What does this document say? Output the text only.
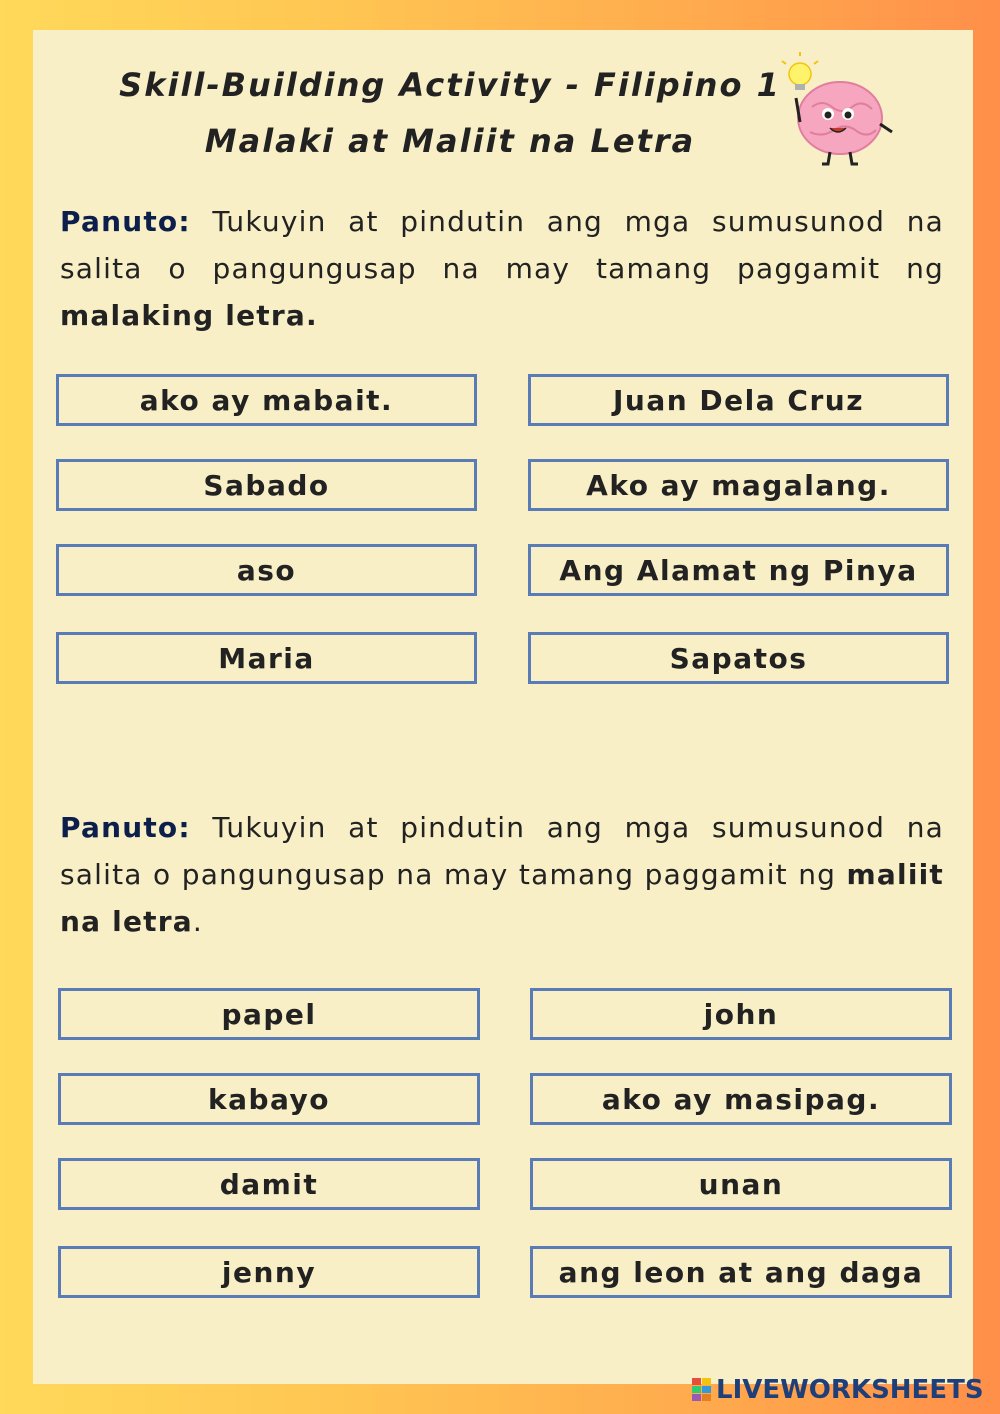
Skill-Building Activity - Filipino 1
Malaki at Maliit na Letra

Panuto: Tukuyin at pindutin ang mga sumusunod na salita o pangungusap na may tamang paggamit ng malaking letra.

ako ay mabait.
Sabado
aso
Maria
Juan Dela Cruz
Ako ay magalang.
Ang Alamat ng Pinya
Sapatos

Panuto: Tukuyin at pindutin ang mga sumusunod na salita o pangungusap na may tamang paggamit ng maliit na letra.

papel
kabayo
damit
jenny
john
ako ay masipag.
unan
ang leon at ang daga
LIVEWORKSHEETS
